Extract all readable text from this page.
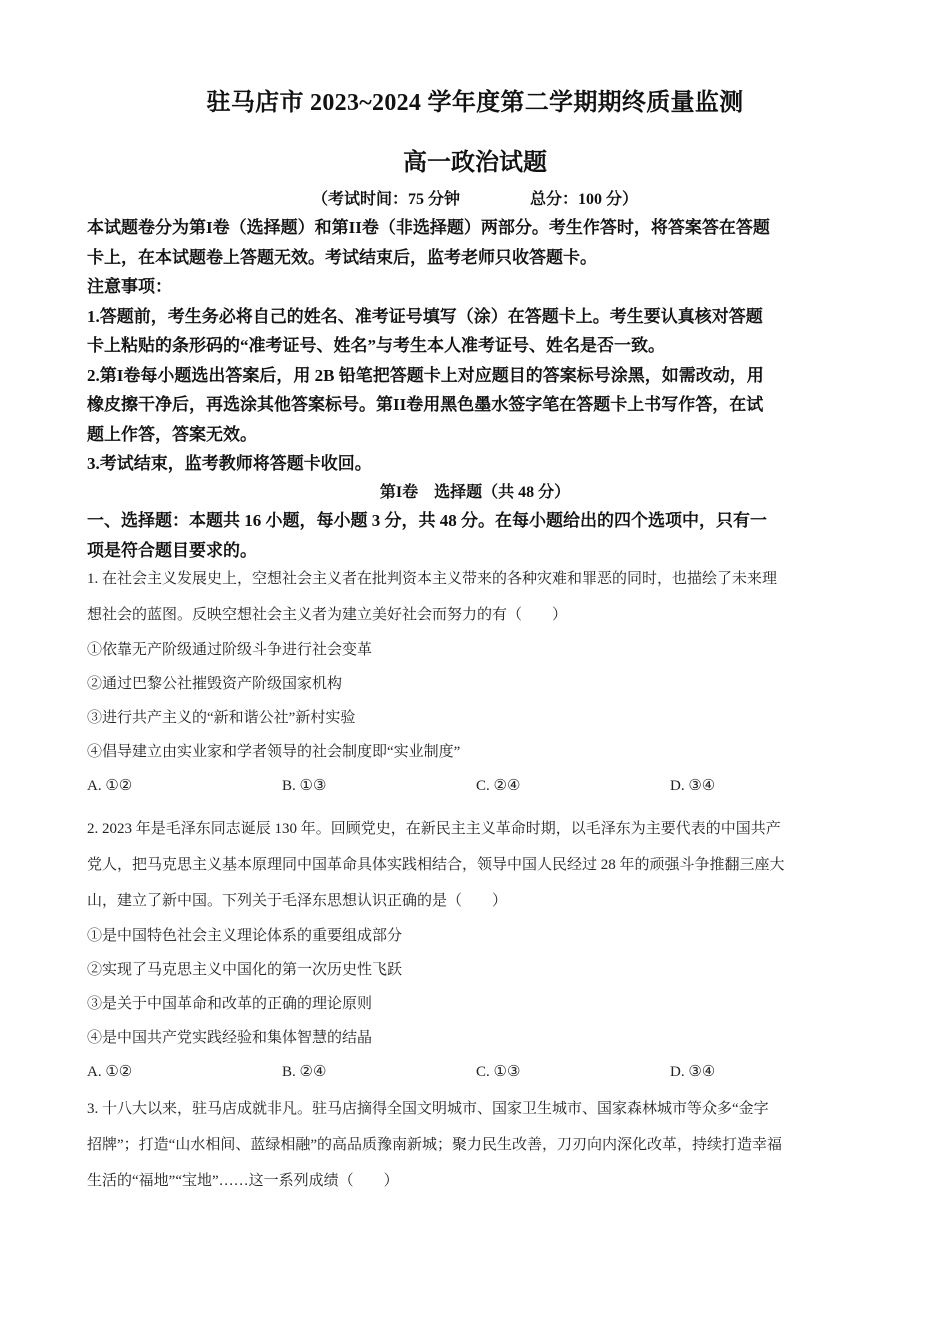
驻马店市 2023~2024 学年度第二学期期终质量监测
高一政治试题
（考试时间：75 分钟	总分：100 分）
本试题卷分为第I卷（选择题）和第II卷（非选择题）两部分。考生作答时，将答案答在答题
卡上，在本试题卷上答题无效。考试结束后，监考老师只收答题卡。
注意事项：
1.答题前，考生务必将自己的姓名、准考证号填写（涂）在答题卡上。考生要认真核对答题
卡上粘贴的条形码的“准考证号、姓名”与考生本人准考证号、姓名是否一致。
2.第I卷每小题选出答案后，用 2B 铅笔把答题卡上对应题目的答案标号涂黑，如需改动，用
橡皮擦干净后，再选涂其他答案标号。第II卷用黑色墨水签字笔在答题卡上书写作答，在试
题上作答，答案无效。
3.考试结束，监考教师将答题卡收回。
第I卷 选择题（共 48 分）
一、选择题：本题共 16 小题，每小题 3 分，共 48 分。在每小题给出的四个选项中，只有一
项是符合题目要求的。
1. 在社会主义发展史上，空想社会主义者在批判资本主义带来的各种灾难和罪恶的同时，也描绘了未来理
想社会的蓝图。反映空想社会主义者为建立美好社会而努力的有（　　）
①依靠无产阶级通过阶级斗争进行社会变革
②通过巴黎公社摧毁资产阶级国家机构
③进行共产主义的“新和谐公社”新村实验
④倡导建立由实业家和学者领导的社会制度即“实业制度”
A. ①②	B. ①③	C. ②④	D. ③④
2. 2023 年是毛泽东同志诞辰 130 年。回顾党史，在新民主主义革命时期，以毛泽东为主要代表的中国共产
党人，把马克思主义基本原理同中国革命具体实践相结合，领导中国人民经过 28 年的顽强斗争推翻三座大
山，建立了新中国。下列关于毛泽东思想认识正确的是（　　）
①是中国特色社会主义理论体系的重要组成部分
②实现了马克思主义中国化的第一次历史性飞跃
③是关于中国革命和改革的正确的理论原则
④是中国共产党实践经验和集体智慧的结晶
A. ①②	B. ②④	C. ①③	D. ③④
3. 十八大以来，驻马店成就非凡。驻马店摘得全国文明城市、国家卫生城市、国家森林城市等众多“金字
招牌”；打造“山水相间、蓝绿相融”的高品质豫南新城；聚力民生改善，刀刃向内深化改革，持续打造幸福
生活的“福地”“宝地”……这一系列成绩（　　）
